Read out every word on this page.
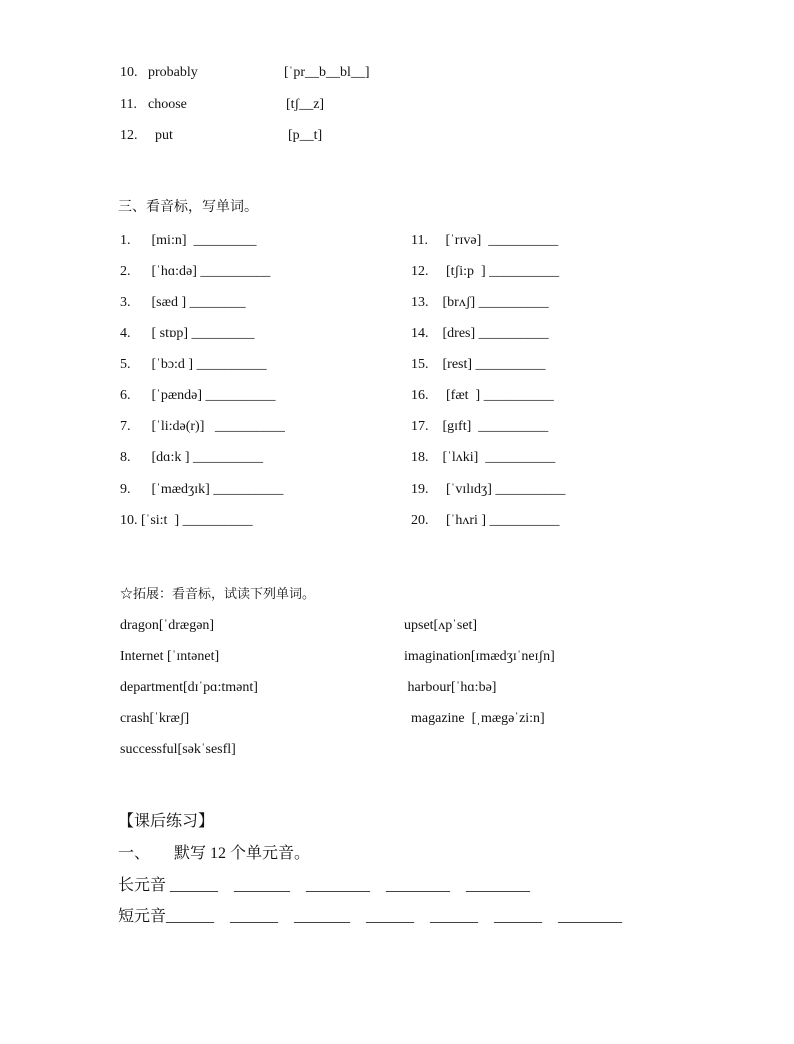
10. probably	[ˈpr__b__bl__]
11. choose	[tʃ__z]
12. put	[p__t]
三、看音标，写单词。
1.      [mi:n]  _________
2.      [ˈhɑ:də] __________
3.      [sæd ] ________
4.      [ stɒp] _________
5.      [ˈbɔ:d ] __________
6.      [ˈpændə] __________
7.      [ˈli:də(r)]   __________
8.      [dɑ:k ] __________
9.      [ˈmædʒɪk] __________
10. [ˈsi:t  ] __________
11.     [ˈrɪvə]  __________
12.     [tʃi:p  ] __________
13.    [brʌʃ] __________
14.    [dres] __________
15.    [rest] __________
16.     [fæt  ] __________
17.    [gɪft]  __________
18.    [ˈlʌki]  __________
19.     [ˈvɪlɪdʒ] __________
20.     [ˈhʌri ] __________
☆拓展：看音标，试读下列单词。
dragon[ˈdrægən]
Internet [ˈɪntənet]
department[dɪˈpɑ:tmənt]
crash[ˈkræʃ]
successful[səkˈsesfl]
upset[ʌpˈset]
imagination[ɪmædʒɪˈneɪʃn]
harbour[ˈhɑ:bə]
magazine  [ˌmægəˈzi:n]
【课后练习】
一、      默写 12 个单元音。
长元音 ______    _______    ________    ________    ________
短元音______    ______    _______    ______    ______    ______    ________
